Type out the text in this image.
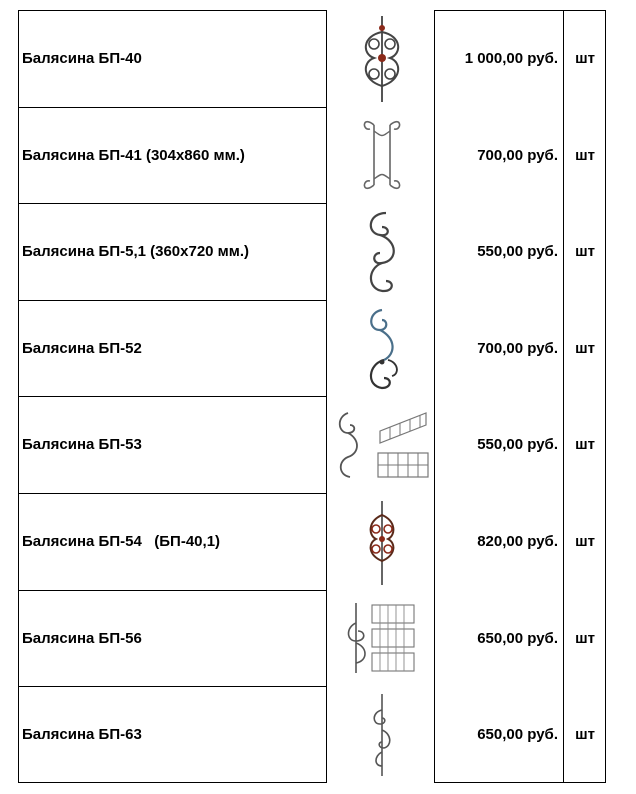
Балясина БП-40	1 000,00 руб.	шт
Балясина БП-41 (304х860 мм.)	700,00 руб.	шт
Балясина БП-5,1 (360х720 мм.)	550,00 руб.	шт
Балясина БП-52	700,00 руб.	шт
Балясина БП-53	550,00 руб.	шт
Балясина БП-54   (БП-40,1)	820,00 руб.	шт
Балясина БП-56	650,00 руб.	шт
Балясина БП-63	650,00 руб.	шт
